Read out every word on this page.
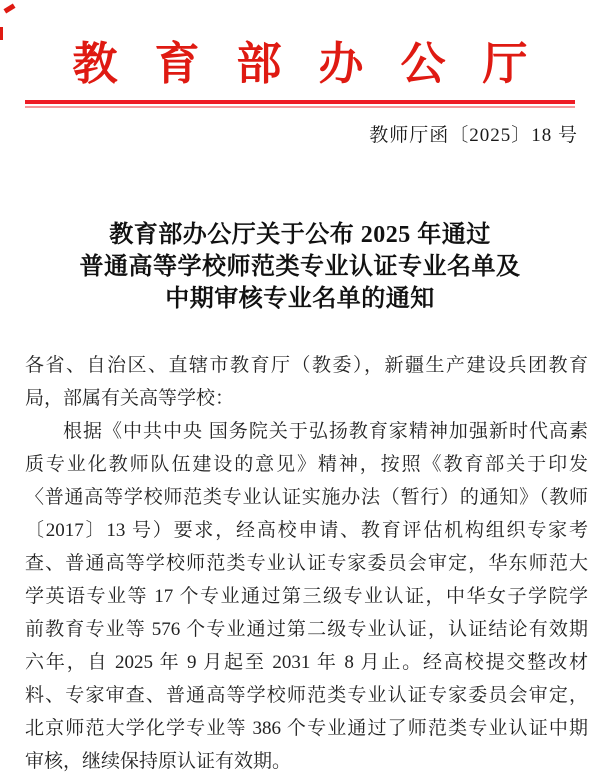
教育部办公厅
教师厅函〔2025〕18 号
教育部办公厅关于公布 2025 年通过
普通高等学校师范类专业认证专业名单及
中期审核专业名单的通知
各省、自治区、直辖市教育厅（教委），新疆生产建设兵团教育
局，部属有关高等学校：
根据《中共中央 国务院关于弘扬教育家精神加强新时代高素
质专业化教师队伍建设的意见》精神，按照《教育部关于印发
〈普通高等学校师范类专业认证实施办法（暂行）的通知》（教师
〔2017〕13 号）要求，经高校申请、教育评估机构组织专家考
查、普通高等学校师范类专业认证专家委员会审定，华东师范大
学英语专业等 17 个专业通过第三级专业认证，中华女子学院学
前教育专业等 576 个专业通过第二级专业认证，认证结论有效期
六年，自 2025 年 9 月起至 2031 年 8 月止。经高校提交整改材
料、专家审查、普通高等学校师范类专业认证专家委员会审定，
北京师范大学化学专业等 386 个专业通过了师范类专业认证中期
审核，继续保持原认证有效期。
